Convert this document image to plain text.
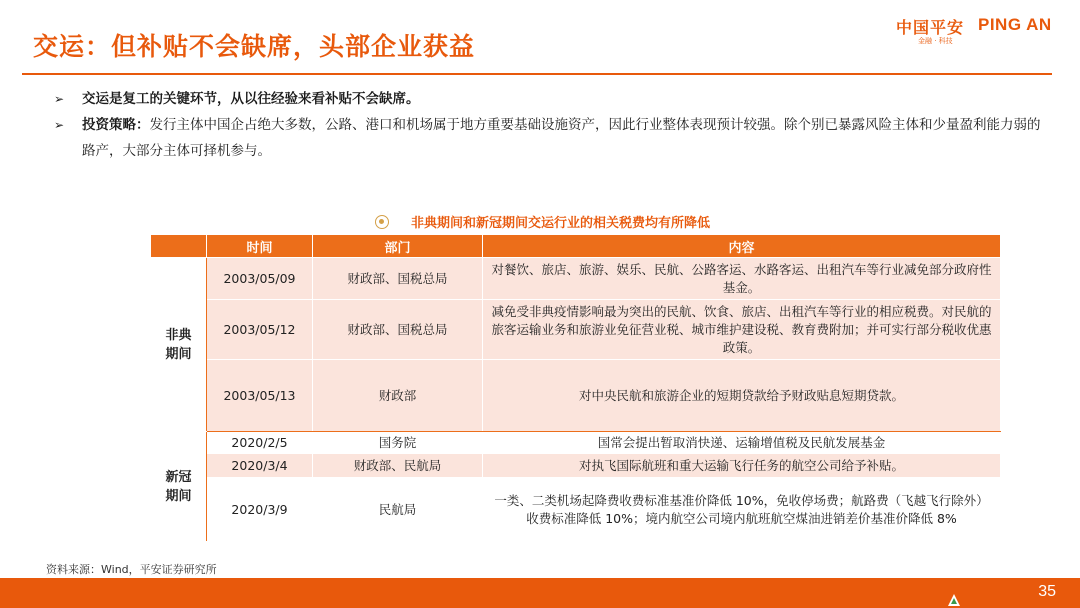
交运：但补贴不会缺席，头部企业获益
中国平安 PING AN
金融 · 科技
➢ 交运是复工的关键环节，从以往经验来看补贴不会缺席。
➢ 投资策略：发行主体中国企占绝大多数，公路、港口和机场属于地方重要基础设施资产，因此行业整体表现预计较强。除个别已暴露风险主体和少量盈利能力弱的路产，大部分主体可择机参与。
非典期间和新冠期间交运行业的相关税费均有所降低
	时间	部门	内容

非典期间	2003/05/09	财政部、国税总局	对餐饮、旅店、旅游、娱乐、民航、公路客运、水路客运、出租汽车等行业减免部分政府性基金。
	2003/05/12	财政部、国税总局	减免受非典疫情影响最为突出的民航、饮食、旅店、出租汽车等行业的相应税费。对民航的旅客运输业务和旅游业免征营业税、城市维护建设税、教育费附加；并可实行部分税收优惠政策。
	2003/05/13	财政部	对中央民航和旅游企业的短期贷款给予财政贴息短期贷款。

新冠期间	2020/2/5	国务院	国常会提出暂取消快递、运输增值税及民航发展基金
	2020/3/4	财政部、民航局	对执飞国际航班和重大运输飞行任务的航空公司给予补贴。
	2020/3/9	民航局	一类、二类机场起降费收费标准基准价降低 10%，免收停场费；航路费（飞越飞行除外）收费标准降低 10%；境内航空公司境内航班航空煤油进销差价基准价降低 8%
资料来源：Wind，平安证券研究所
35
